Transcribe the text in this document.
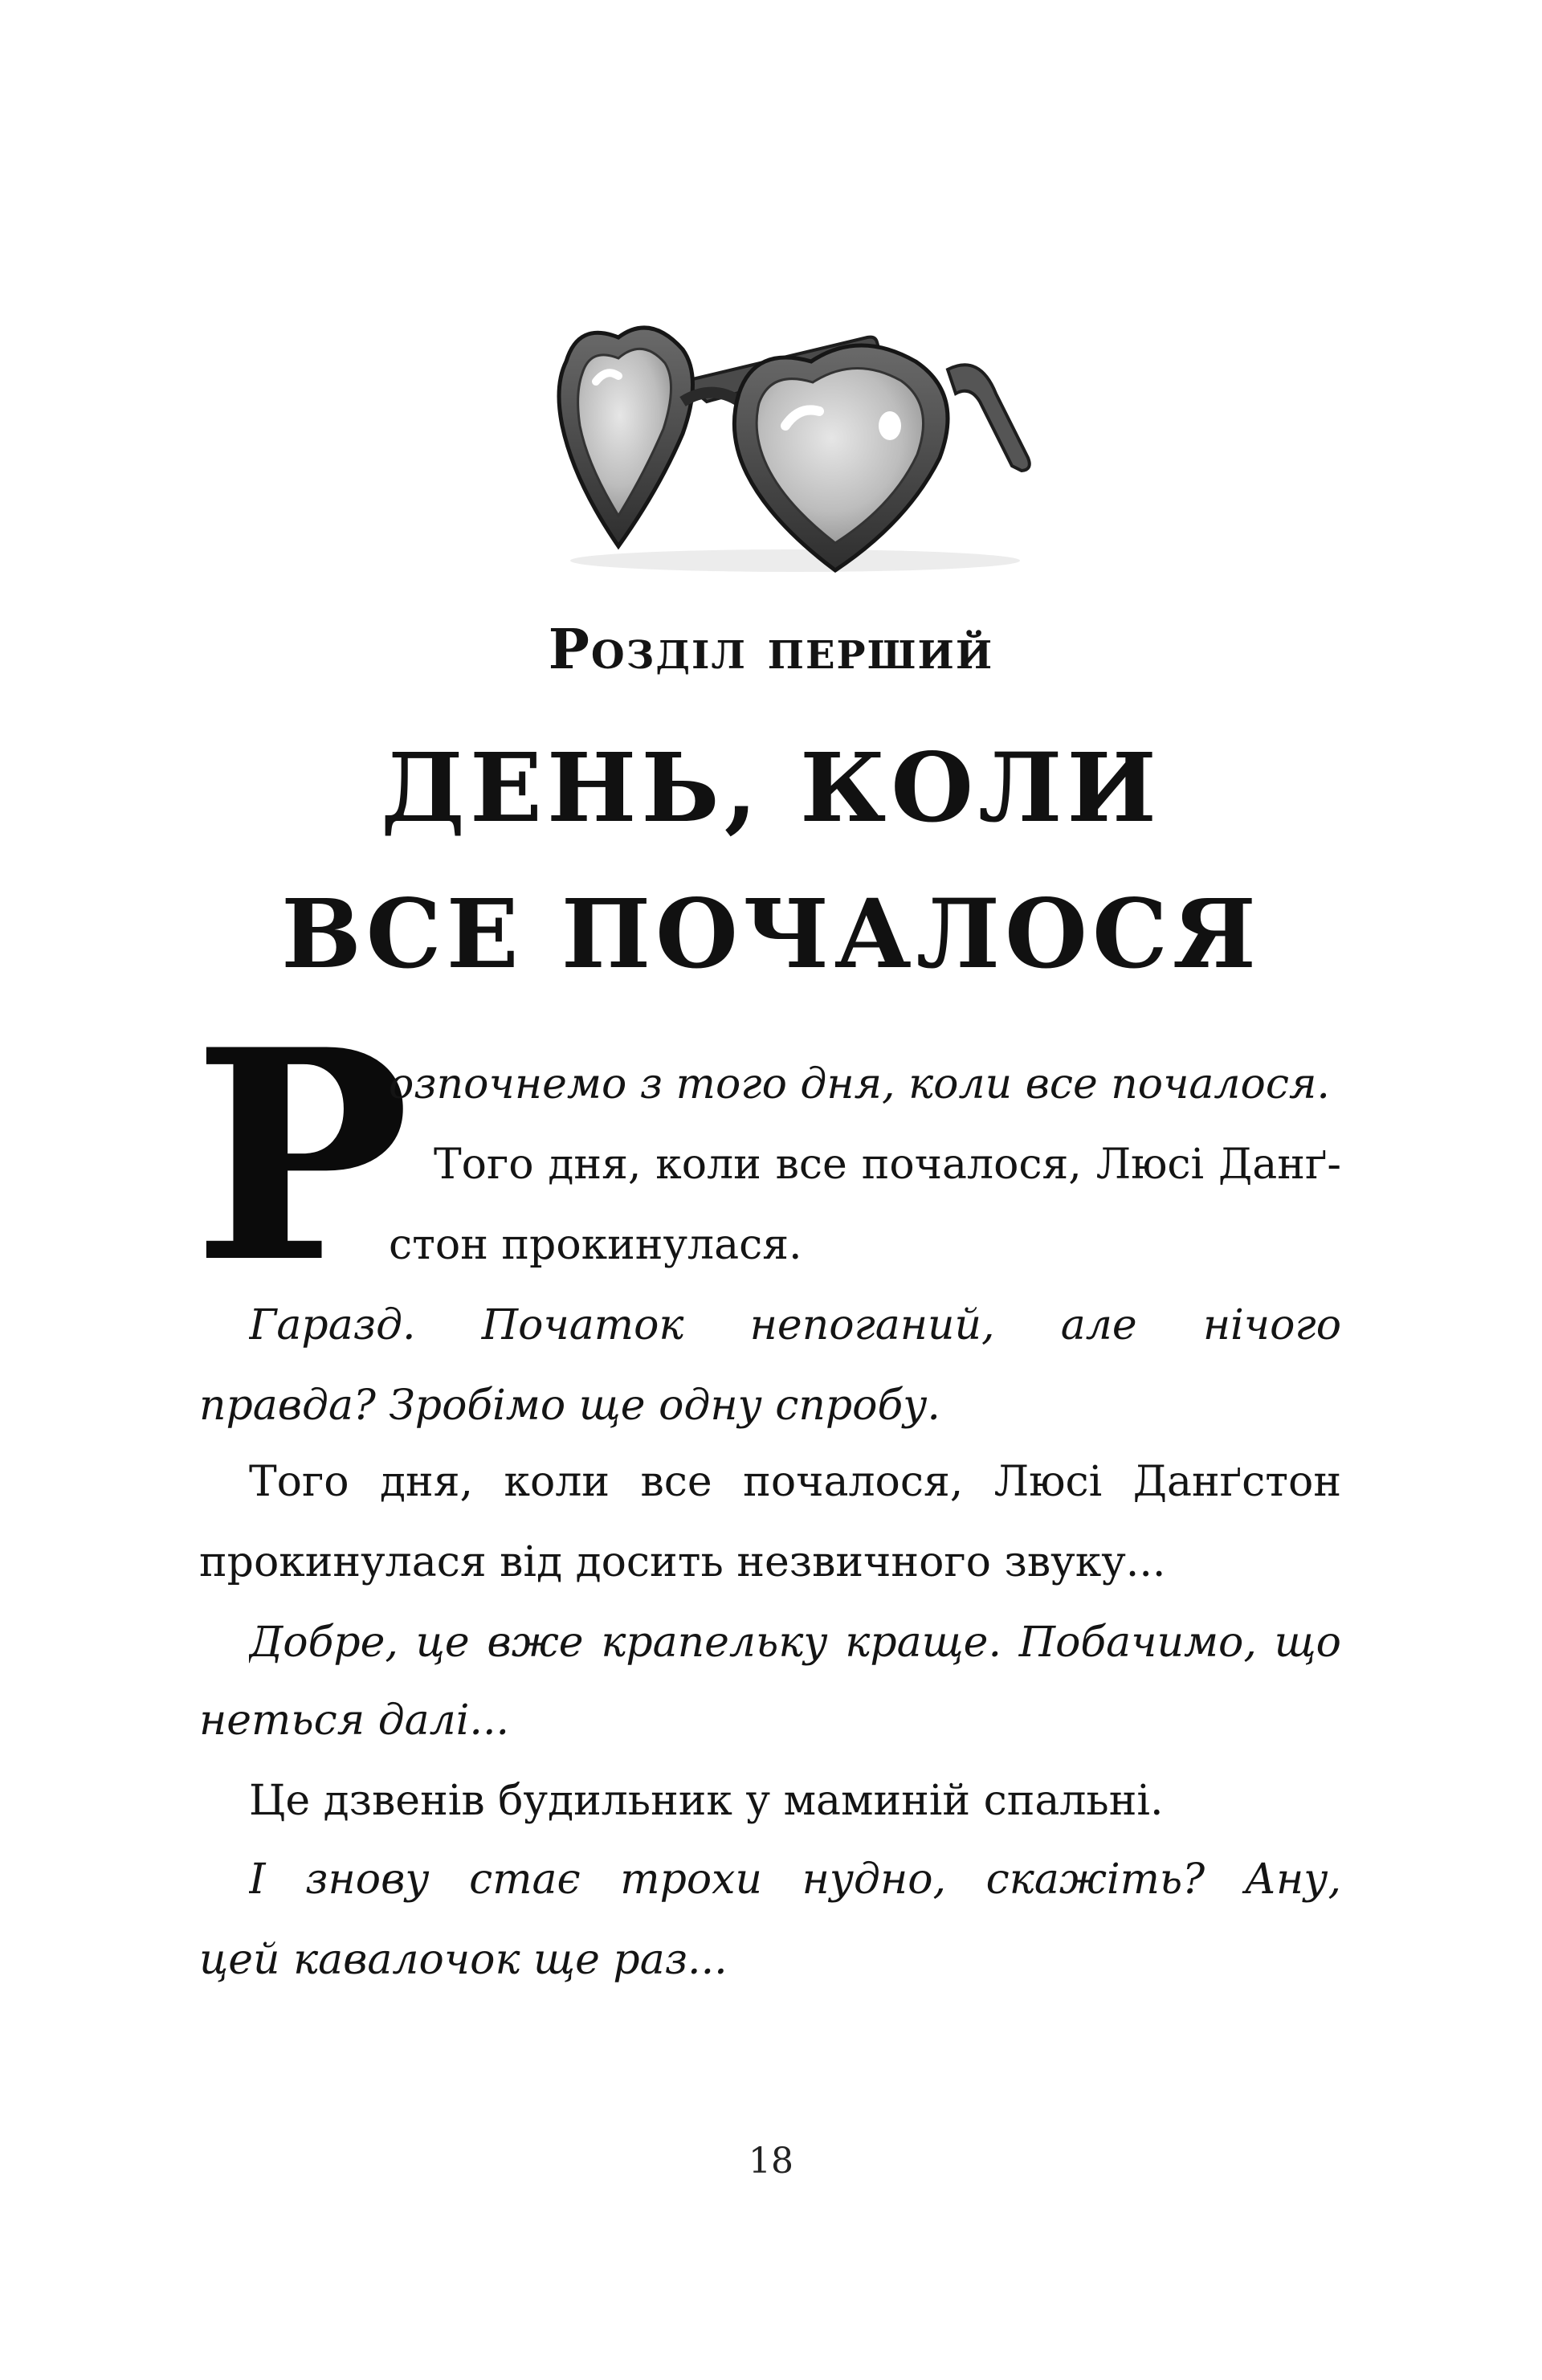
Розділ перший
ДЕНЬ, КОЛИ
ВСЕ ПОЧАЛОСЯ
Р
озпочнемо з того дня, коли все почалося.
Того дня, коли все почалося, Люсі Данґ-
стон прокинулася.
Гаразд. Початок непоганий, але нічого
правда? Зробімо ще одну спробу.
Того дня, коли все почалося, Люсі Данґстон
прокинулася від досить незвичного звуку...
Добре, це вже крапельку краще. Побачимо, що
неться далі...
Це дзвенів будильник у маминій спальні.
І знову стає трохи нудно, скажіть? Ану,
цей кавалочок ще раз...
18
